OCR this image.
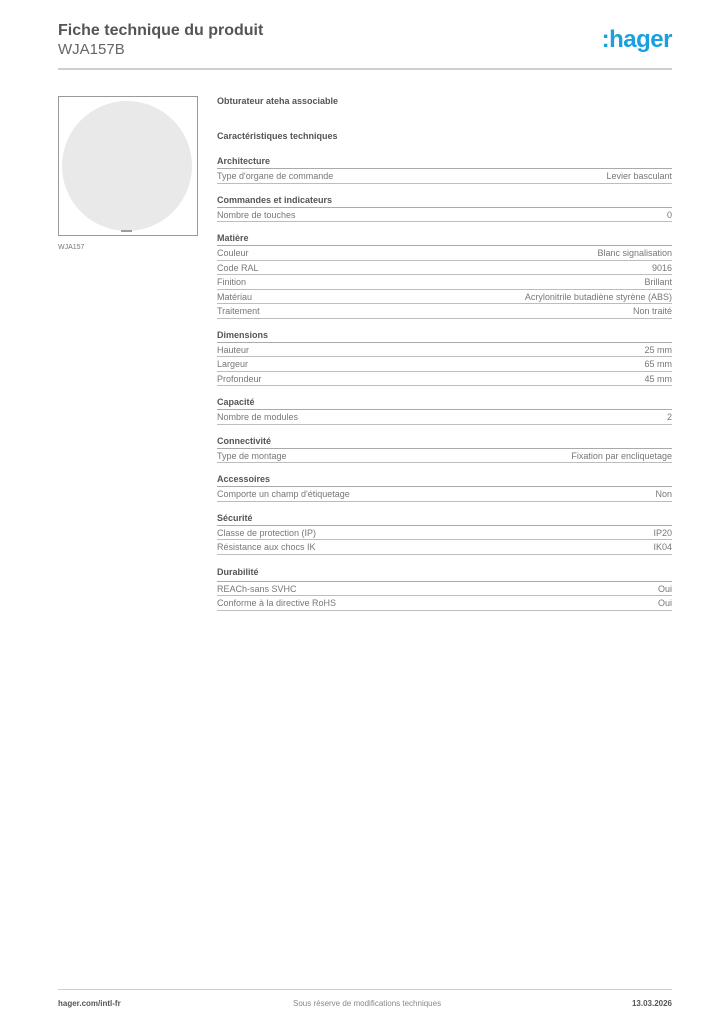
Fiche technique du produit
WJA157B	:hager
WJA157
Obturateur ateha associable
Caractéristiques techniques
Architecture
Type d'organe de commande	Levier basculant
Commandes et indicateurs
Nombre de touches	0
Matière
Couleur	Blanc signalisation
Code RAL	9016
Finition	Brillant
Matériau	Acrylonitrile butadiène styrène (ABS)
Traitement	Non traité
Dimensions
Hauteur	25 mm
Largeur	65 mm
Profondeur	45 mm
Capacité
Nombre de modules	2
Connectivité
Type de montage	Fixation par encliquetage
Accessoires
Comporte un champ d'étiquetage	Non
Sécurité
Classe de protection (IP)	IP20
Résistance aux chocs IK	IK04
Durabilité
REACh-sans SVHC	Oui
Conforme à la directive RoHS	Oui
hager.com/intl-fr	Sous réserve de modifications techniques	13.03.2026
